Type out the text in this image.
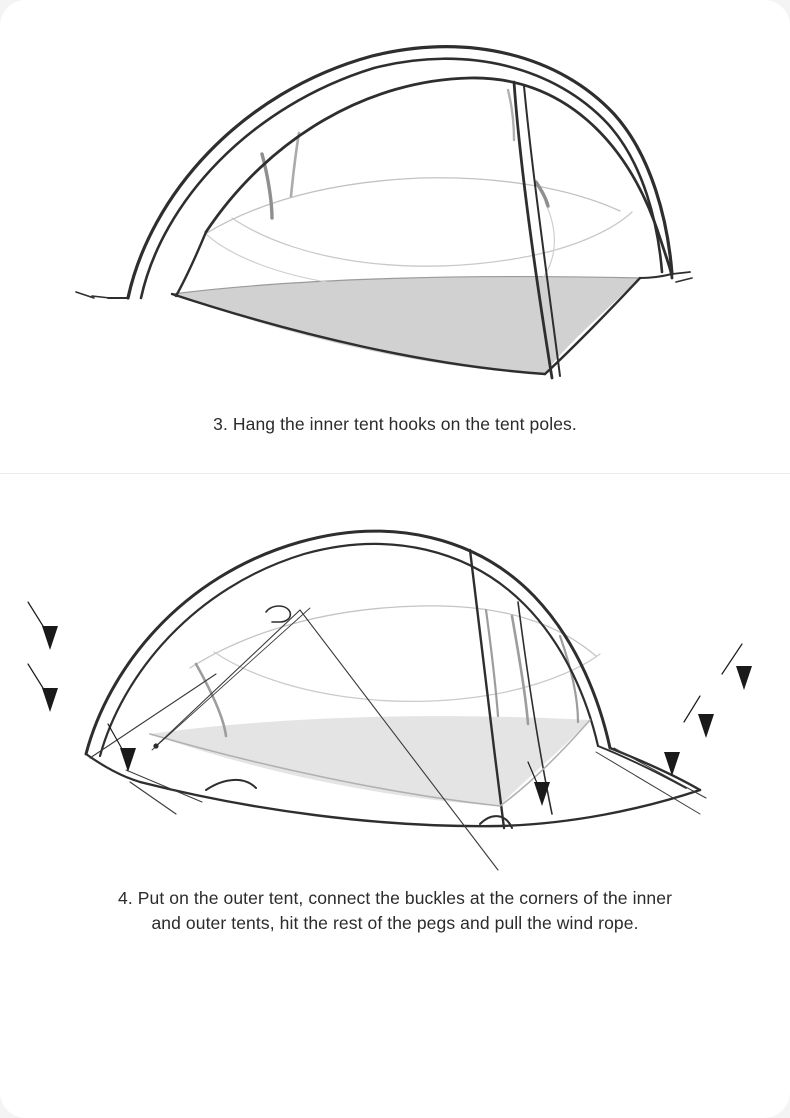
3. Hang the inner tent hooks on the tent poles.

4. Put on the outer tent, connect the buckles at the corners of the inner
and outer tents, hit the rest of the pegs and pull the wind rope.
